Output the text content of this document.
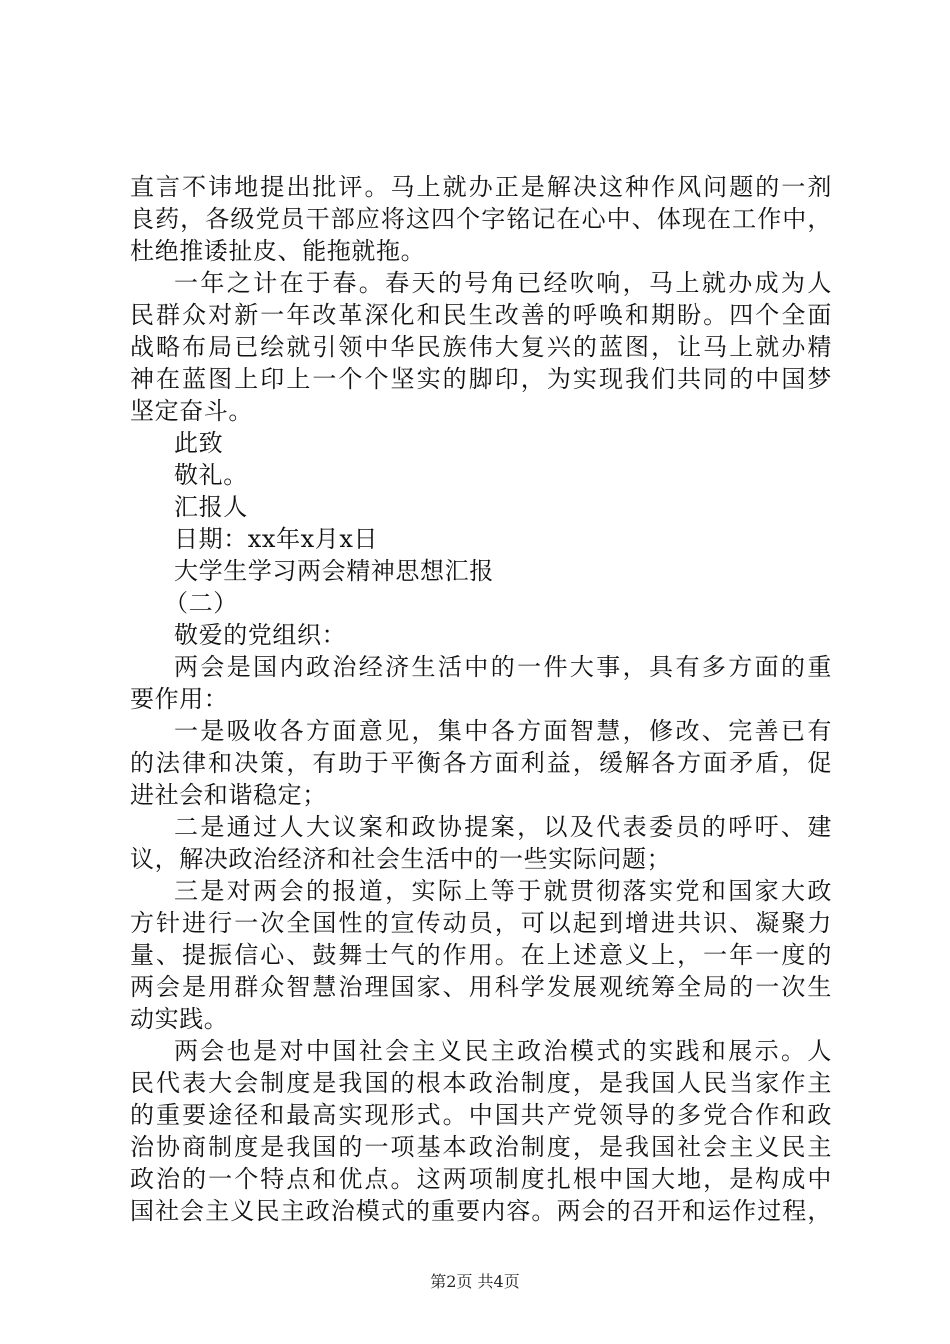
直言不讳地提出批评。马上就办正是解决这种作风问题的一剂
良药，各级党员干部应将这四个字铭记在心中、体现在工作中，
杜绝推诿扯皮、能拖就拖。
一年之计在于春。春天的号角已经吹响，马上就办成为人
民群众对新一年改革深化和民生改善的呼唤和期盼。四个全面
战略布局已绘就引领中华民族伟大复兴的蓝图，让马上就办精
神在蓝图上印上一个个坚实的脚印，为实现我们共同的中国梦
坚定奋斗。
此致
敬礼。
汇报人
日期：xx年x月x日
大学生学习两会精神思想汇报
（二）
敬爱的党组织：
两会是国内政治经济生活中的一件大事，具有多方面的重
要作用：
一是吸收各方面意见，集中各方面智慧，修改、完善已有
的法律和决策，有助于平衡各方面利益，缓解各方面矛盾，促
进社会和谐稳定；
二是通过人大议案和政协提案，以及代表委员的呼吁、建
议，解决政治经济和社会生活中的一些实际问题；
三是对两会的报道，实际上等于就贯彻落实党和国家大政
方针进行一次全国性的宣传动员，可以起到增进共识、凝聚力
量、提振信心、鼓舞士气的作用。在上述意义上，一年一度的
两会是用群众智慧治理国家、用科学发展观统筹全局的一次生
动实践。
两会也是对中国社会主义民主政治模式的实践和展示。人
民代表大会制度是我国的根本政治制度，是我国人民当家作主
的重要途径和最高实现形式。中国共产党领导的多党合作和政
治协商制度是我国的一项基本政治制度，是我国社会主义民主
政治的一个特点和优点。这两项制度扎根中国大地，是构成中
国社会主义民主政治模式的重要内容。两会的召开和运作过程，
第2页 共4页
